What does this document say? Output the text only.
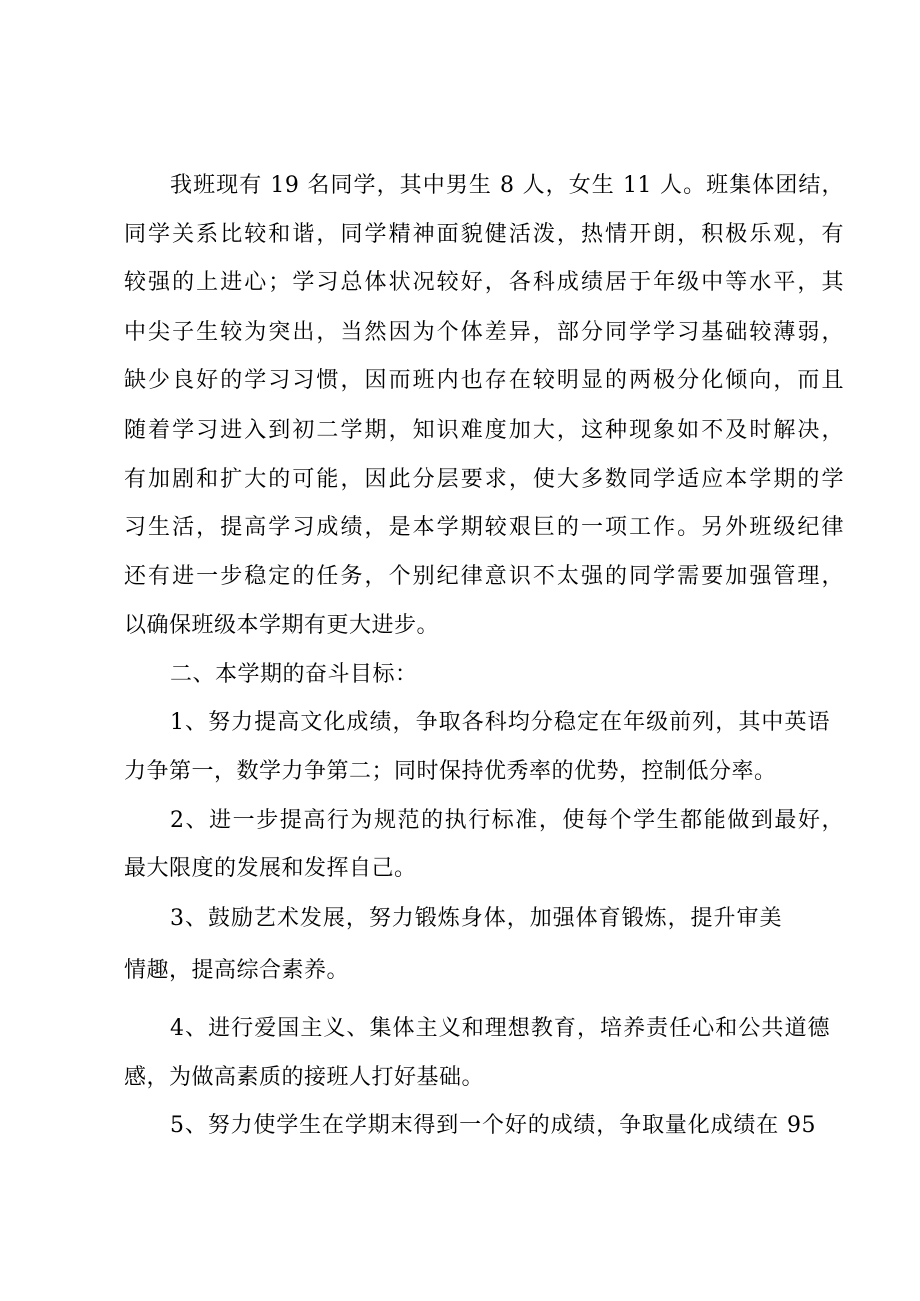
我班现有 19 名同学，其中男生 8 人，女生 11 人。班集体团结，
同学关系比较和谐，同学精神面貌健活泼，热情开朗，积极乐观，有
较强的上进心；学习总体状况较好，各科成绩居于年级中等水平，其
中尖子生较为突出，当然因为个体差异，部分同学学习基础较薄弱，
缺少良好的学习习惯，因而班内也存在较明显的两极分化倾向，而且
随着学习进入到初二学期，知识难度加大，这种现象如不及时解决，
有加剧和扩大的可能，因此分层要求，使大多数同学适应本学期的学
习生活，提高学习成绩，是本学期较艰巨的一项工作。另外班级纪律
还有进一步稳定的任务，个别纪律意识不太强的同学需要加强管理，
以确保班级本学期有更大进步。
二、本学期的奋斗目标：
1、努力提高文化成绩，争取各科均分稳定在年级前列，其中英语
力争第一，数学力争第二；同时保持优秀率的优势，控制低分率。
2、进一步提高行为规范的执行标准，使每个学生都能做到最好，
最大限度的发展和发挥自己。
3、鼓励艺术发展，努力锻炼身体，加强体育锻炼，提升审美
情趣，提高综合素养。
4、进行爱国主义、集体主义和理想教育，培养责任心和公共道德
感，为做高素质的接班人打好基础。
5、努力使学生在学期末得到一个好的成绩，争取量化成绩在 95
